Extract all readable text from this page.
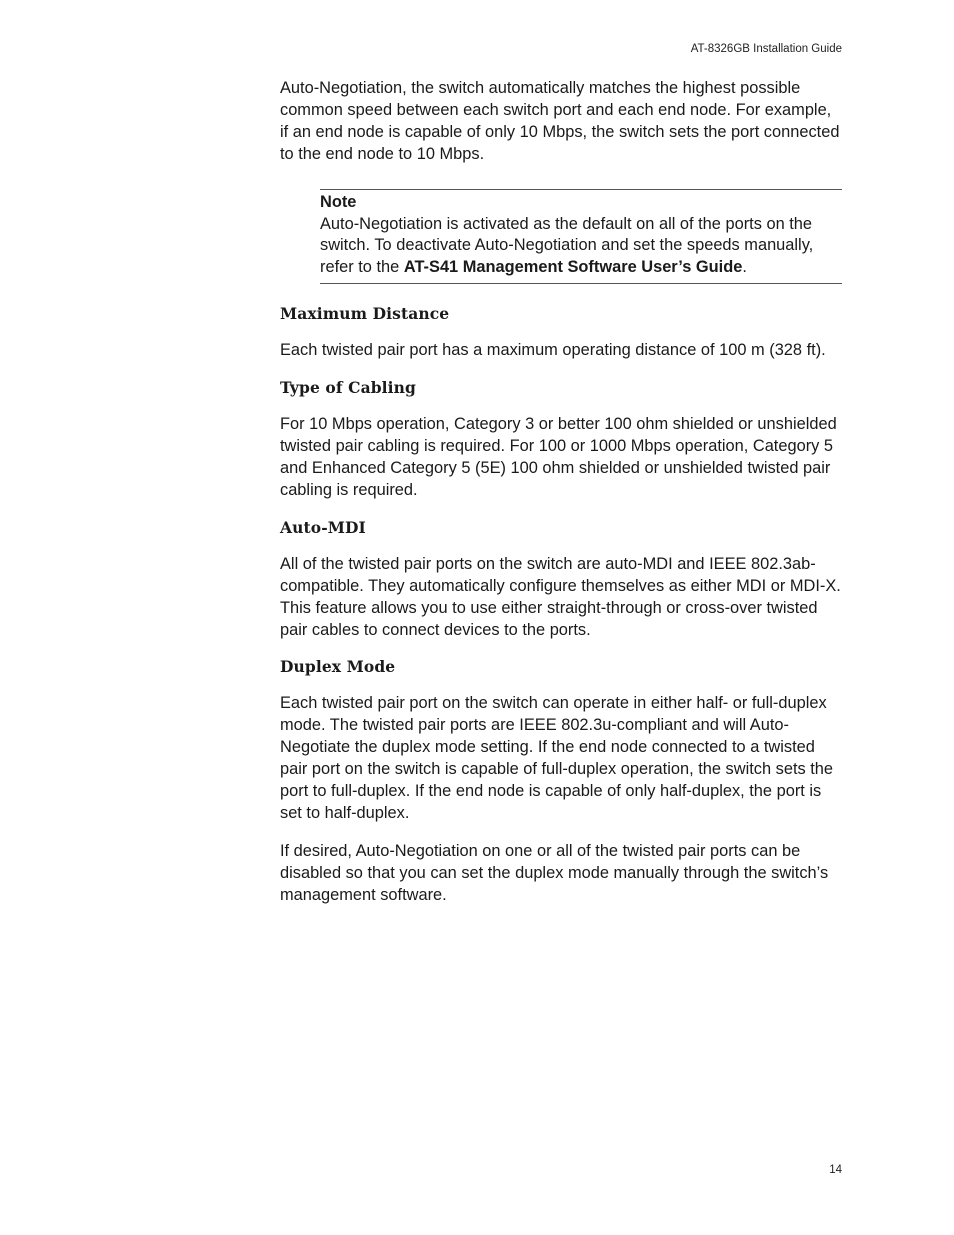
AT-8326GB Installation Guide

Auto-Negotiation, the switch automatically matches the highest possible common speed between each switch port and each end node. For example, if an end node is capable of only 10 Mbps, the switch sets the port connected to the end node to 10 Mbps.

Note
Auto-Negotiation is activated as the default on all of the ports on the switch. To deactivate Auto-Negotiation and set the speeds manually, refer to the AT-S41 Management Software User’s Guide.
Maximum Distance

Each twisted pair port has a maximum operating distance of 100 m (328 ft).

Type of Cabling

For 10 Mbps operation, Category 3 or better 100 ohm shielded or unshielded twisted pair cabling is required. For 100 or 1000 Mbps operation, Category 5 and Enhanced Category 5 (5E) 100 ohm shielded or unshielded twisted pair cabling is required.

Auto-MDI

All of the twisted pair ports on the switch are auto-MDI and IEEE 802.3ab-compatible. They automatically configure themselves as either MDI or MDI-X. This feature allows you to use either straight-through or cross-over twisted pair cables to connect devices to the ports.

Duplex Mode

Each twisted pair port on the switch can operate in either half- or full-duplex mode. The twisted pair ports are IEEE 802.3u-compliant and will Auto-Negotiate the duplex mode setting. If the end node connected to a twisted pair port on the switch is capable of full-duplex operation, the switch sets the port to full-duplex. If the end node is capable of only half-duplex, the port is set to half-duplex.

If desired, Auto-Negotiation on one or all of the twisted pair ports can be disabled so that you can set the duplex mode manually through the switch’s management software.

14
